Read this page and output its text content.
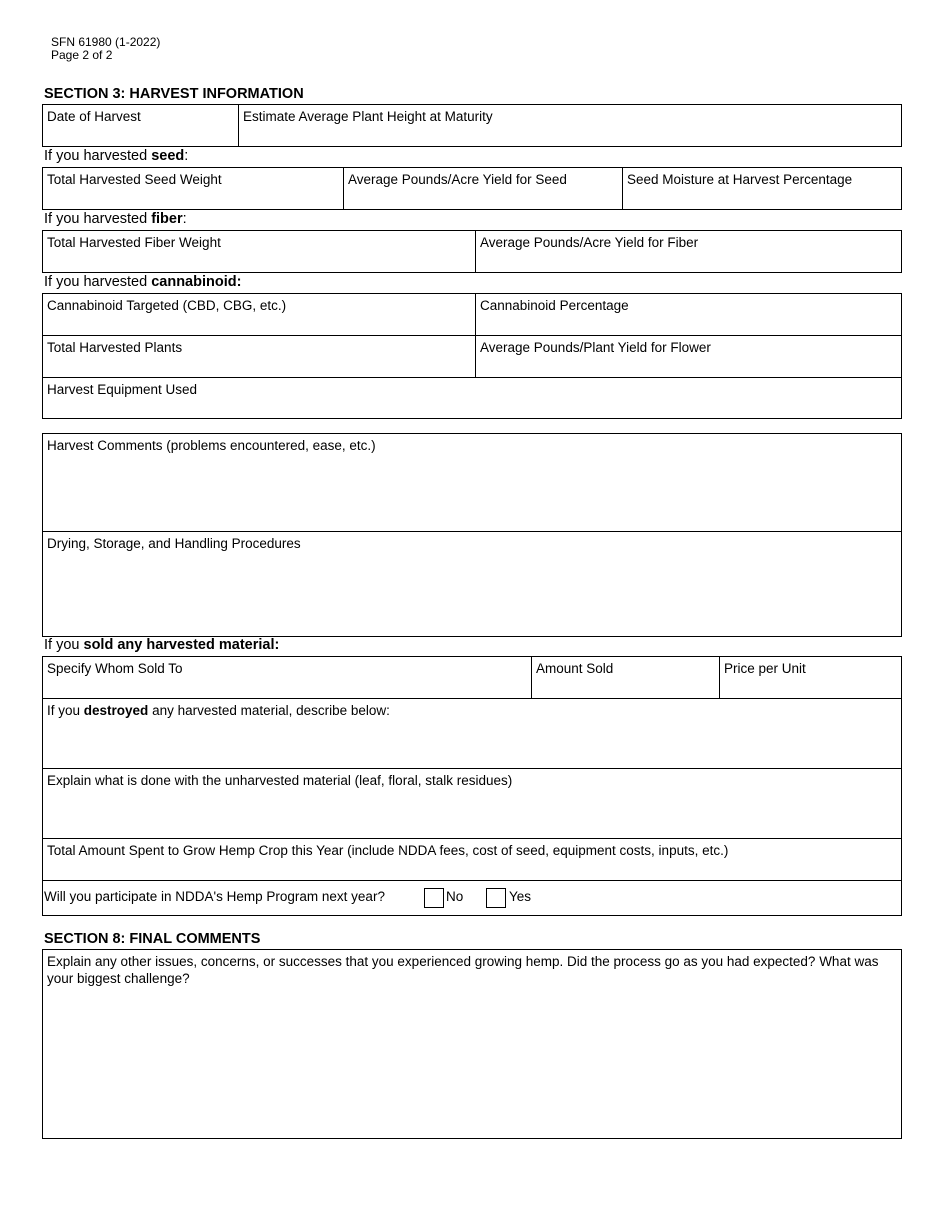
SFN 61980 (1-2022)
Page 2 of 2
SECTION 3: HARVEST INFORMATION
Date of Harvest	Estimate Average Plant Height at Maturity
If you harvested seed:
Total Harvested Seed Weight	Average Pounds/Acre Yield for Seed	Seed Moisture at Harvest Percentage
If you harvested fiber:
Total Harvested Fiber Weight	Average Pounds/Acre Yield for Fiber
If you harvested cannabinoid:
Cannabinoid Targeted (CBD, CBG, etc.)	Cannabinoid Percentage
Total Harvested Plants	Average Pounds/Plant Yield for Flower
Harvest Equipment Used
Harvest Comments (problems encountered, ease, etc.)
Drying, Storage, and Handling Procedures
If you sold any harvested material:
Specify Whom Sold To	Amount Sold	Price per Unit
If you destroyed any harvested material, describe below:
Explain what is done with the unharvested material (leaf, floral, stalk residues)
Total Amount Spent to Grow Hemp Crop this Year (include NDDA fees, cost of seed, equipment costs, inputs, etc.)
Will you participate in NDDA's Hemp Program next year?	No	Yes
SECTION 8: FINAL COMMENTS
Explain any other issues, concerns, or successes that you experienced growing hemp. Did the process go as you had expected? What was your biggest challenge?
